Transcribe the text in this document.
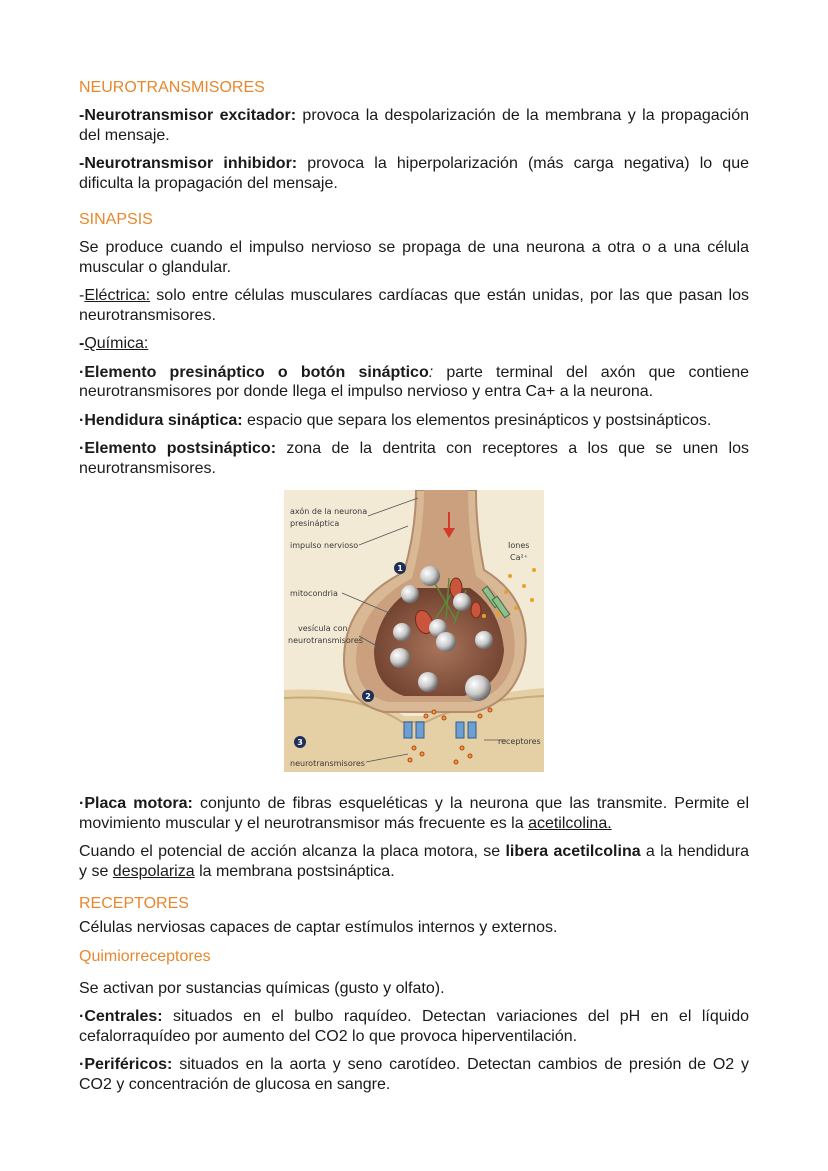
NEUROTRANSMISORES

-Neurotransmisor excitador: provoca la despolarización de la membrana y la propagación del mensaje.

-Neurotransmisor inhibidor: provoca la hiperpolarización (más carga negativa) lo que dificulta la propagación del mensaje.

SINAPSIS

Se produce cuando el impulso nervioso se propaga de una neurona a otra o a una célula muscular o glandular.

-Eléctrica: solo entre células musculares cardíacas que están unidas, por las que pasan los neurotransmisores.

-Química:

·Elemento presináptico o botón sináptico: parte terminal del axón que contiene neurotransmisores por donde llega el impulso nervioso y entra Ca+ a la neurona.

·Hendidura sináptica: espacio que separa los elementos presinápticos y postsinápticos.

·Elemento postsináptico: zona de la dentrita con receptores a los que se unen los neurotransmisores.

axón de la neurona
presináptica
impulso nervioso
mitocondria
vesícula con
neurotransmisores
Iones
Ca²⁺
receptores
neurotransmisores
1
2
3

·Placa motora: conjunto de fibras esqueléticas y la neurona que las transmite. Permite el movimiento muscular y el neurotransmisor más frecuente es la acetilcolina.

Cuando el potencial de acción alcanza la placa motora, se libera acetilcolina a la hendidura y se despolariza la membrana postsináptica.

RECEPTORES

Células nerviosas capaces de captar estímulos internos y externos.

Quimiorreceptores

Se activan por sustancias químicas (gusto y olfato).

·Centrales: situados en el bulbo raquídeo. Detectan variaciones del pH en el líquido cefalorraquídeo por aumento del CO2 lo que provoca hiperventilación.

·Periféricos: situados en la aorta y seno carotídeo. Detectan cambios de presión de O2 y CO2 y concentración de glucosa en sangre.
